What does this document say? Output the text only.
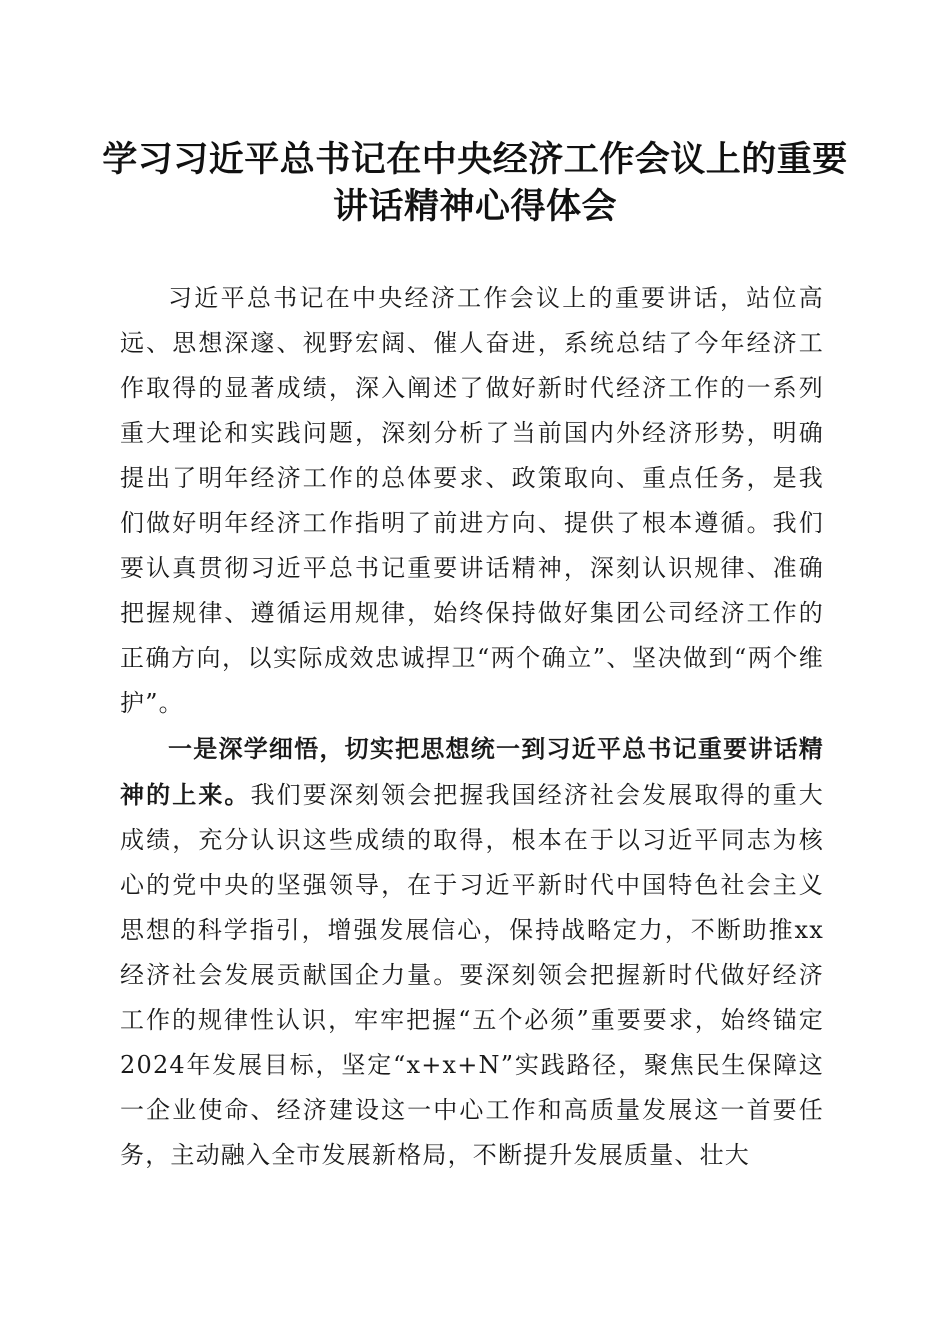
学习习近平总书记在中央经济工作会议上的重要讲话精神心得体会

习近平总书记在中央经济工作会议上的重要讲话，站位高远、思想深邃、视野宏阔、催人奋进，系统总结了今年经济工作取得的显著成绩，深入阐述了做好新时代经济工作的一系列重大理论和实践问题，深刻分析了当前国内外经济形势，明确提出了明年经济工作的总体要求、政策取向、重点任务，是我们做好明年经济工作指明了前进方向、提供了根本遵循。我们要认真贯彻习近平总书记重要讲话精神，深刻认识规律、准确把握规律、遵循运用规律，始终保持做好集团公司经济工作的正确方向，以实际成效忠诚捍卫“两个确立”、坚决做到“两个维护”。

一是深学细悟，切实把思想统一到习近平总书记重要讲话精神的上来。我们要深刻领会把握我国经济社会发展取得的重大成绩，充分认识这些成绩的取得，根本在于以习近平同志为核心的党中央的坚强领导，在于习近平新时代中国特色社会主义思想的科学指引，增强发展信心，保持战略定力，不断助推xx经济社会发展贡献国企力量。要深刻领会把握新时代做好经济工作的规律性认识，牢牢把握“五个必须”重要要求，始终锚定2024年发展目标，坚定“x+x+N”实践路径，聚焦民生保障这一企业使命、经济建设这一中心工作和高质量发展这一首要任务，主动融入全市发展新格局，不断提升发展质量、壮大
